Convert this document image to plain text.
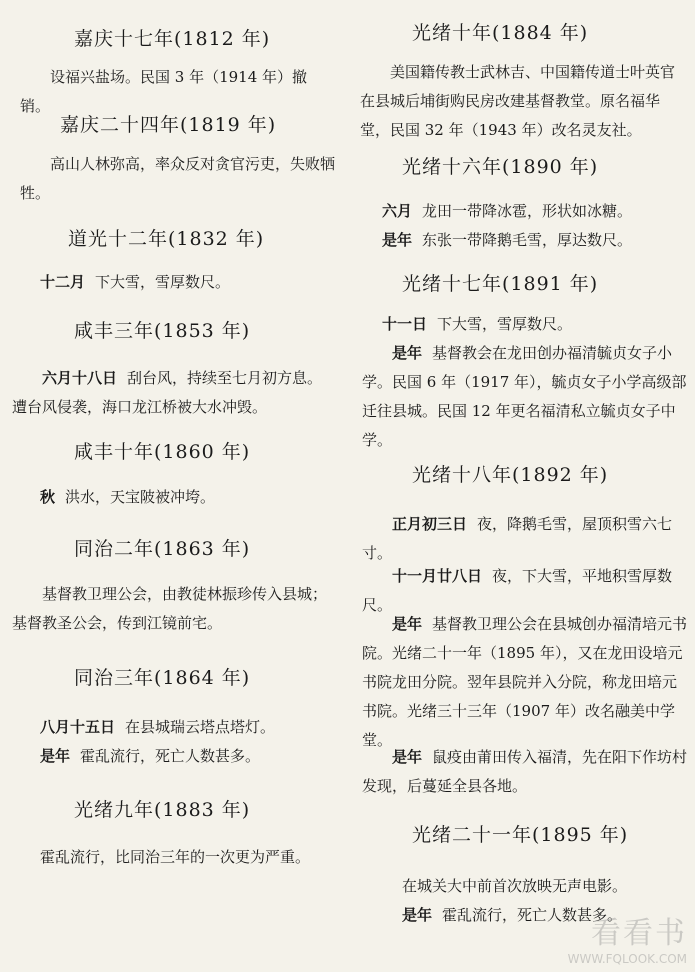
嘉庆十七年(1812 年)
设福兴盐场。民国 3 年（1914 年）撤销。
嘉庆二十四年(1819 年)
高山人林弥高，率众反对贪官污吏，失败牺牲。
道光十二年(1832 年)
十二月 下大雪，雪厚数尺。
咸丰三年(1853 年)
六月十八日 刮台风，持续至七月初方息。遭台风侵袭，海口龙江桥被大水冲毁。
咸丰十年(1860 年)
秋 洪水，天宝陂被冲垮。
同治二年(1863 年)
基督教卫理公会，由教徒林振珍传入县城；基督教圣公会，传到江镜前宅。
同治三年(1864 年)
八月十五日 在县城瑞云塔点塔灯。
是年 霍乱流行，死亡人数甚多。
光绪九年(1883 年)
霍乱流行，比同治三年的一次更为严重。
光绪十年(1884 年)
美国籍传教士武林吉、中国籍传道士叶英官在县城后埔街购民房改建基督教堂。原名福华堂，民国 32 年（1943 年）改名灵友社。
光绪十六年(1890 年)
六月 龙田一带降冰雹，形状如冰糖。
是年 东张一带降鹅毛雪，厚达数尺。
光绪十七年(1891 年)
十一日 下大雪，雪厚数尺。
是年 基督教会在龙田创办福清毓贞女子小学。民国 6 年（1917 年），毓贞女子小学高级部迁往县城。民国 12 年更名福清私立毓贞女子中学。
光绪十八年(1892 年)
正月初三日 夜，降鹅毛雪，屋顶积雪六七寸。
十一月廿八日 夜，下大雪，平地积雪厚数尺。
是年 基督教卫理公会在县城创办福清培元书院。光绪二十一年（1895 年），又在龙田设培元书院龙田分院。翌年县院并入分院，称龙田培元书院。光绪三十三年（1907 年）改名融美中学堂。
是年 鼠疫由莆田传入福清，先在阳下作坊村发现，后蔓延全县各地。
光绪二十一年(1895 年)
在城关大中前首次放映无声电影。
是年 霍乱流行，死亡人数甚多。
看看书
WWW.FQLOOK.COM
